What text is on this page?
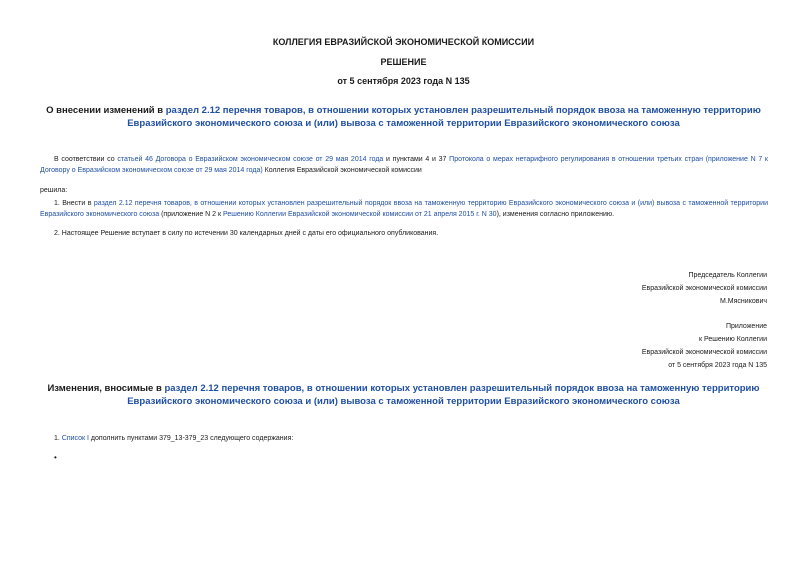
КОЛЛЕГИЯ ЕВРАЗИЙСКОЙ ЭКОНОМИЧЕСКОЙ КОМИССИИ
РЕШЕНИЕ
от 5 сентября 2023 года N 135
О внесении изменений в раздел 2.12 перечня товаров, в отношении которых установлен разрешительный порядок ввоза на таможенную территорию Евразийского экономического союза и (или) вывоза с таможенной территории Евразийского экономического союза
В соответствии со статьей 46 Договора о Евразийском экономическом союзе от 29 мая 2014 года и пунктами 4 и 37 Протокола о мерах нетарифного регулирования в отношении третьих стран (приложение N 7 к Договору о Евразийском экономическом союзе от 29 мая 2014 года) Коллегия Евразийской экономической комиссии
решила:
1. Внести в раздел 2.12 перечня товаров, в отношении которых установлен разрешительный порядок ввоза на таможенную территорию Евразийского экономического союза и (или) вывоза с таможенной территории Евразийского экономического союза (приложение N 2 к Решению Коллегии Евразийской экономической комиссии от 21 апреля 2015 г. N 30), изменения согласно приложению.
2. Настоящее Решение вступает в силу по истечении 30 календарных дней с даты его официального опубликования.
Председатель Коллегии
Евразийской экономической комиссии
М.Мясникович
Приложение
к Решению Коллегии
Евразийской экономической комиссии
от 5 сентября 2023 года N 135
Изменения, вносимые в раздел 2.12 перечня товаров, в отношении которых установлен разрешительный порядок ввоза на таможенную территорию Евразийского экономического союза и (или) вывоза с таможенной территории Евразийского экономического союза
1. Список I дополнить пунктами 379_13-379_23 следующего содержания:
•
